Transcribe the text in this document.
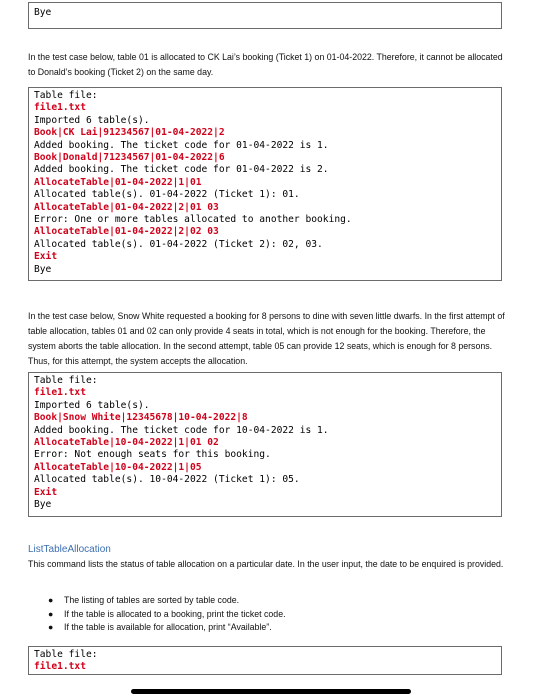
Bye
In the test case below, table 01 is allocated to CK Lai’s booking (Ticket 1) on 01-04-2022. Therefore, it cannot be allocated to Donald’s booking (Ticket 2) on the same day.
Table file:
file1.txt
Imported 6 table(s).
Book|CK Lai|91234567|01-04-2022|2
Added booking. The ticket code for 01-04-2022 is 1.
Book|Donald|71234567|01-04-2022|6
Added booking. The ticket code for 01-04-2022 is 2.
AllocateTable|01-04-2022|1|01
Allocated table(s). 01-04-2022 (Ticket 1): 01.
AllocateTable|01-04-2022|2|01 03
Error: One or more tables allocated to another booking.
AllocateTable|01-04-2022|2|02 03
Allocated table(s). 01-04-2022 (Ticket 2): 02, 03.
Exit
Bye
In the test case below, Snow White requested a booking for 8 persons to dine with seven little dwarfs. In the first attempt of table allocation, tables 01 and 02 can only provide 4 seats in total, which is not enough for the booking. Therefore, the system aborts the table allocation. In the second attempt, table 05 can provide 12 seats, which is enough for 8 persons. Thus, for this attempt, the system accepts the allocation.
Table file:
file1.txt
Imported 6 table(s).
Book|Snow White|12345678|10-04-2022|8
Added booking. The ticket code for 10-04-2022 is 1.
AllocateTable|10-04-2022|1|01 02
Error: Not enough seats for this booking.
AllocateTable|10-04-2022|1|05
Allocated table(s). 10-04-2022 (Ticket 1): 05.
Exit
Bye
ListTableAllocation
This command lists the status of table allocation on a particular date. In the user input, the date to be enquired is provided.
● The listing of tables are sorted by table code.
● If the table is allocated to a booking, print the ticket code.
● If the table is available for allocation, print “Available”.
Table file:
file1.txt
